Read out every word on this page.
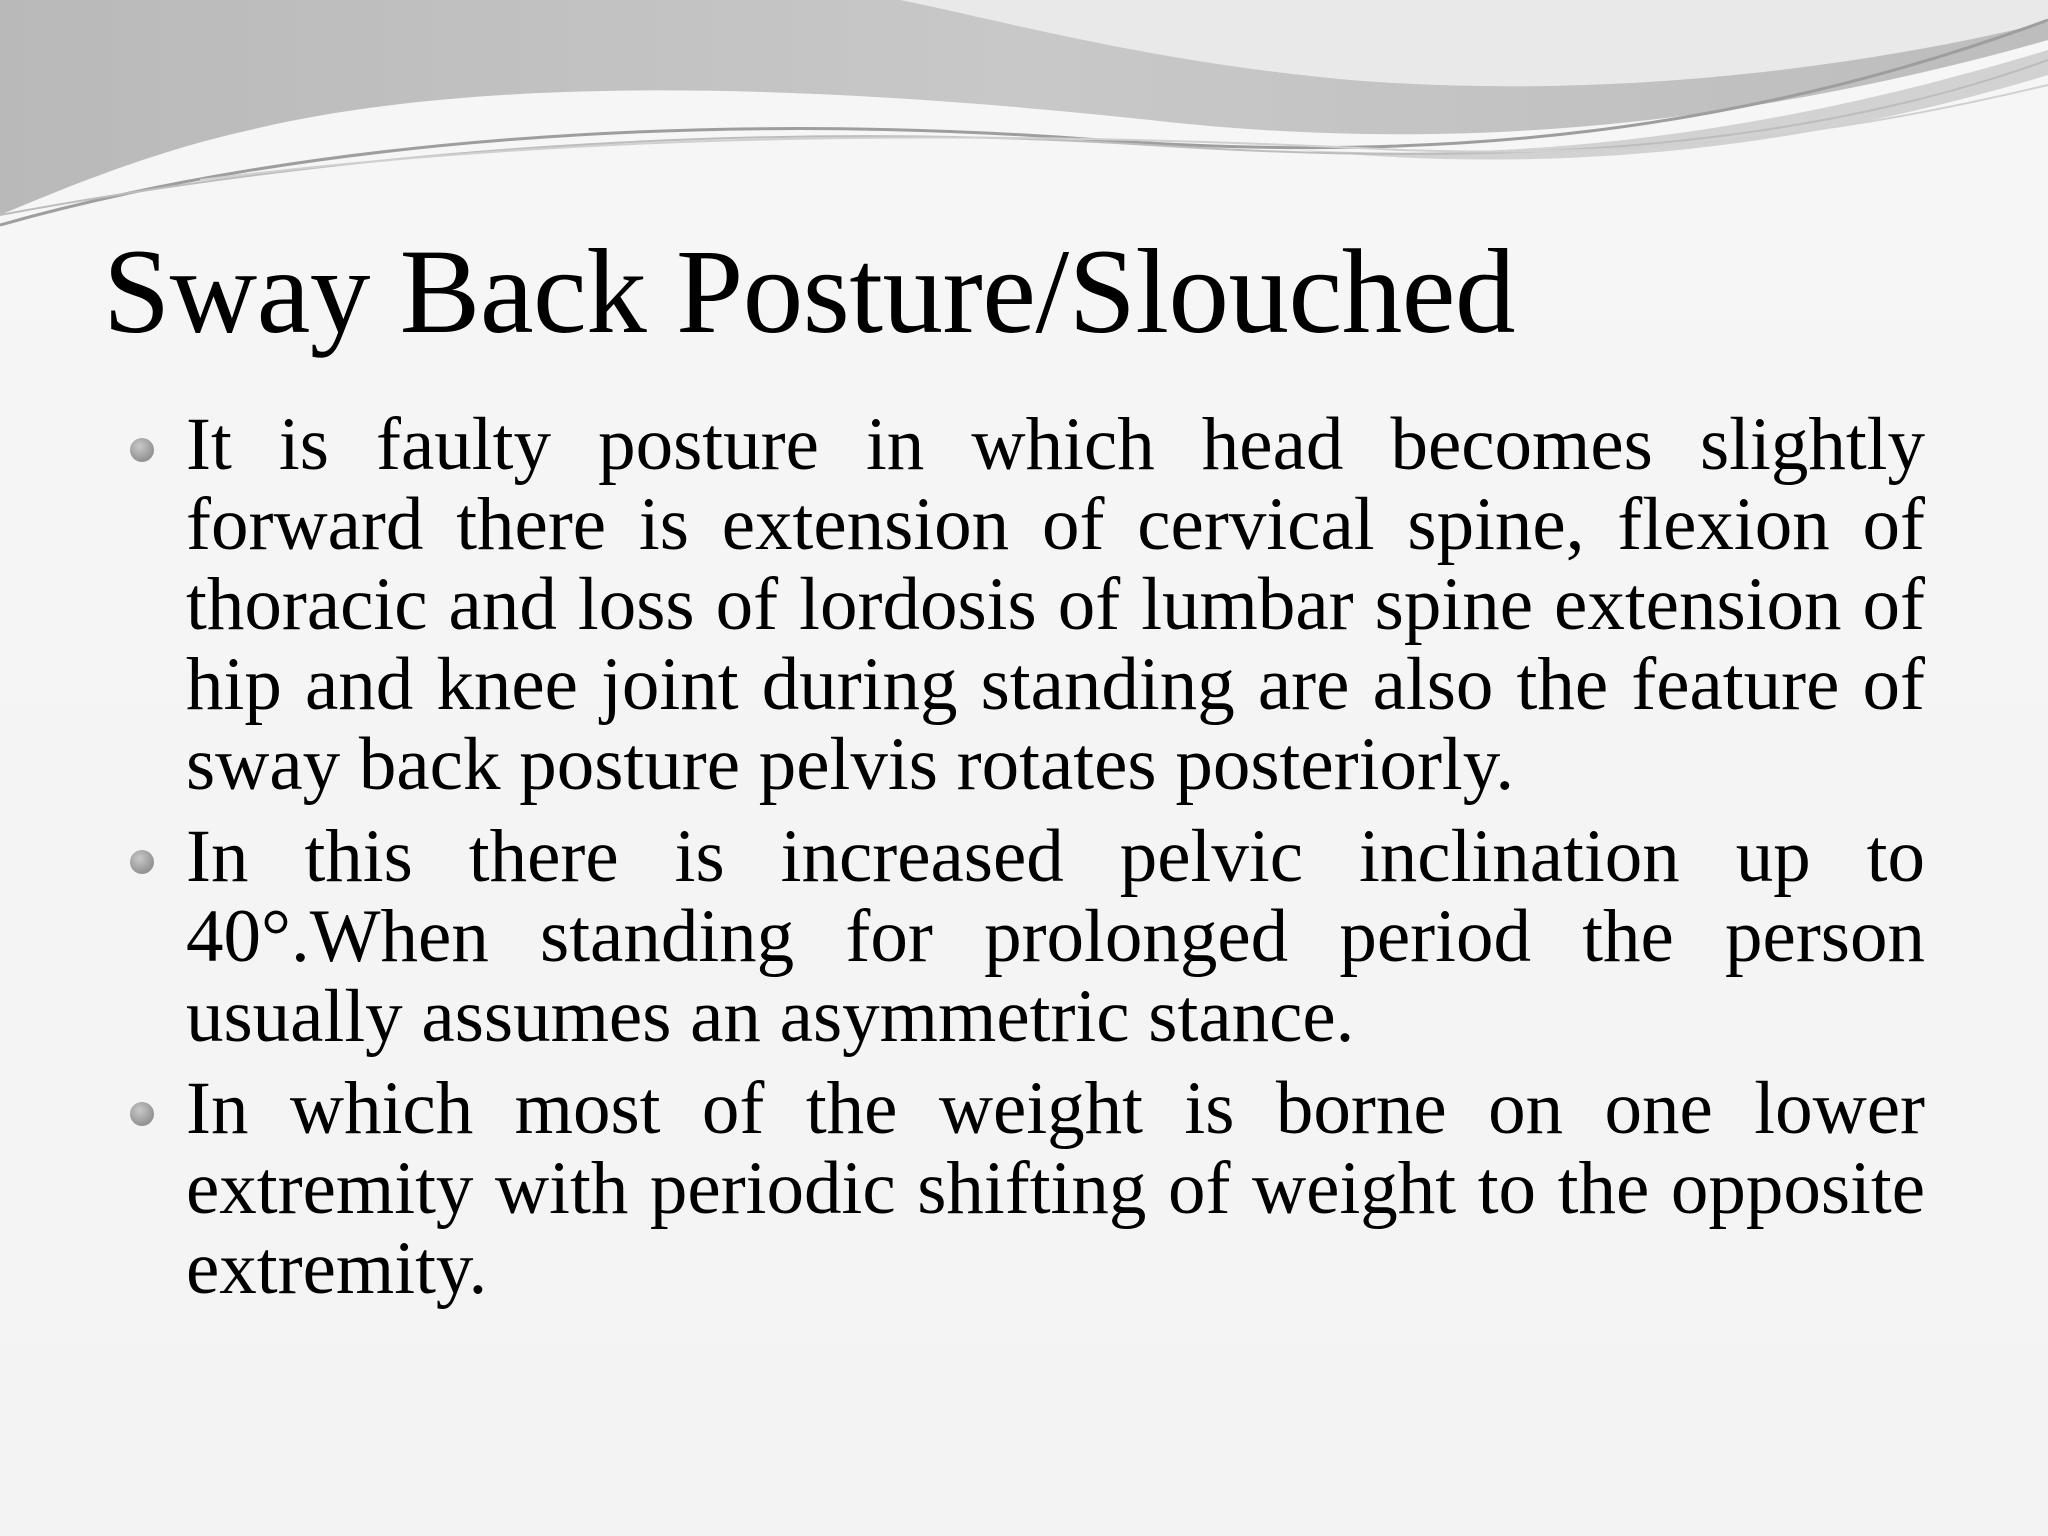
Sway Back Posture/Slouched
It is faulty posture in which head becomes slightly forward there is extension of cervical spine, flexion of thoracic and loss of lordosis of lumbar spine extension of hip and knee joint during standing are also the feature of sway back posture pelvis rotates posteriorly.
In this there is increased pelvic inclination up to 40°.When standing for prolonged period the person usually assumes an asymmetric stance.
In which most of the weight is borne on one lower extremity with periodic shifting of weight to the opposite extremity.
